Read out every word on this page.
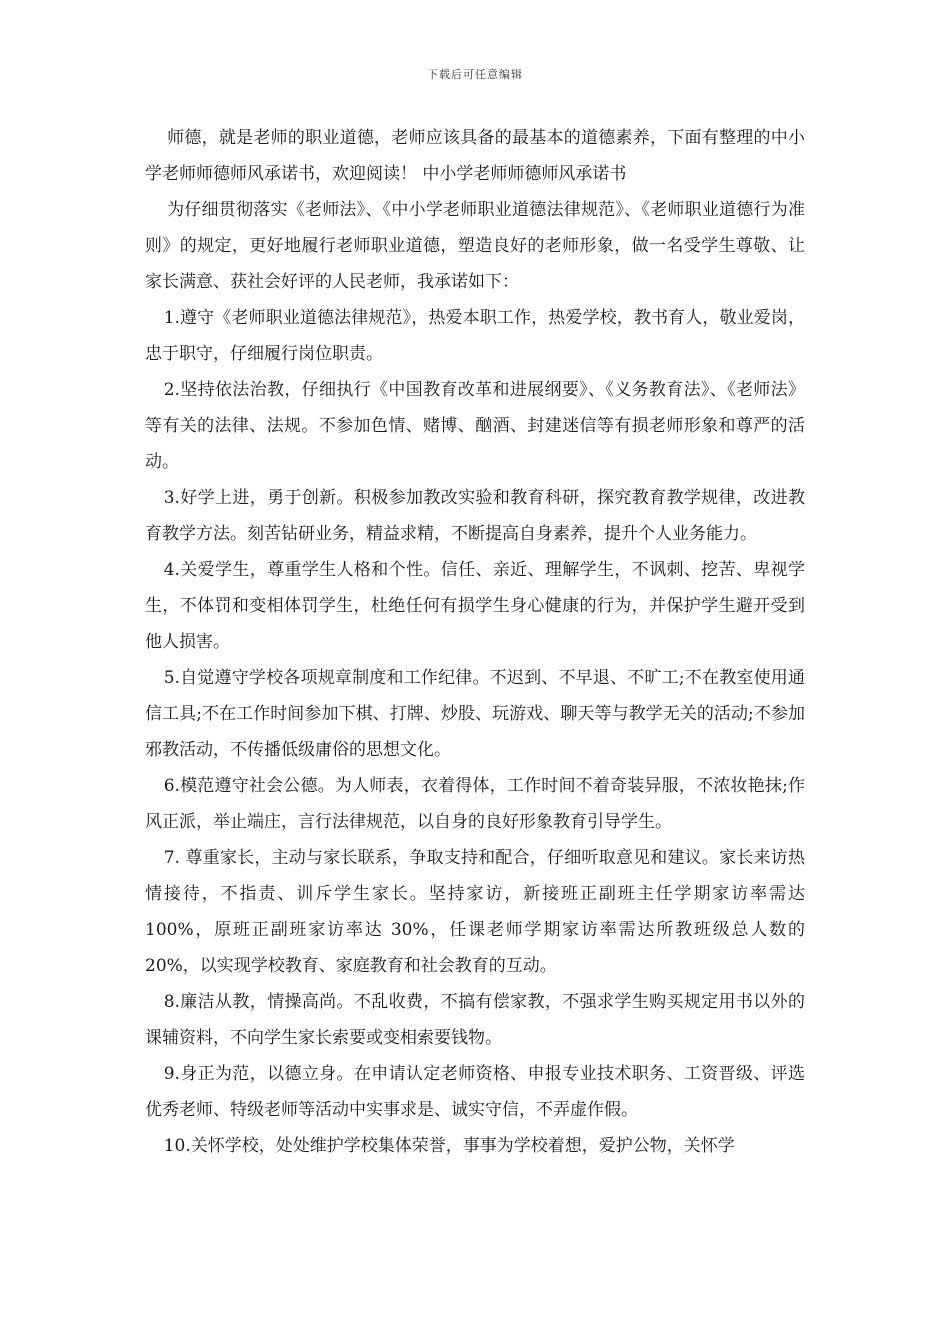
下载后可任意编辑

师德，就是老师的职业道德，老师应该具备的最基本的道德素养，下面有整理的中小学老师师德师风承诺书，欢迎阅读！ 中小学老师师德师风承诺书

为仔细贯彻落实《老师法》、《中小学老师职业道德法律规范》、《老师职业道德行为准则》的规定，更好地履行老师职业道德，塑造良好的老师形象，做一名受学生尊敬、让家长满意、获社会好评的人民老师，我承诺如下：

1.遵守《老师职业道德法律规范》，热爱本职工作，热爱学校，教书育人，敬业爱岗，忠于职守，仔细履行岗位职责。

2.坚持依法治教，仔细执行《中国教育改革和进展纲要》、《义务教育法》、《老师法》等有关的法律、法规。不参加色情、赌博、酗酒、封建迷信等有损老师形象和尊严的活动。

3.好学上进，勇于创新。积极参加教改实验和教育科研，探究教育教学规律，改进教育教学方法。刻苦钻研业务，精益求精，不断提高自身素养，提升个人业务能力。

4.关爱学生，尊重学生人格和个性。信任、亲近、理解学生，不讽刺、挖苦、卑视学生，不体罚和变相体罚学生，杜绝任何有损学生身心健康的行为，并保护学生避开受到他人损害。

5.自觉遵守学校各项规章制度和工作纪律。不迟到、不早退、不旷工;不在教室使用通信工具;不在工作时间参加下棋、打牌、炒股、玩游戏、聊天等与教学无关的活动;不参加邪教活动，不传播低级庸俗的思想文化。

6.模范遵守社会公德。为人师表，衣着得体，工作时间不着奇装异服，不浓妆艳抹;作风正派，举止端庄，言行法律规范，以自身的良好形象教育引导学生。

7. 尊重家长，主动与家长联系，争取支持和配合，仔细听取意见和建议。家长来访热情接待，不指责、训斥学生家长。坚持家访，新接班正副班主任学期家访率需达 100%，原班正副班家访率达 30%，任课老师学期家访率需达所教班级总人数的 20%，以实现学校教育、家庭教育和社会教育的互动。

8.廉洁从教，情操高尚。不乱收费，不搞有偿家教，不强求学生购买规定用书以外的课辅资料，不向学生家长索要或变相索要钱物。

9.身正为范，以德立身。在申请认定老师资格、申报专业技术职务、工资晋级、评选优秀老师、特级老师等活动中实事求是、诚实守信，不弄虚作假。

10.关怀学校，处处维护学校集体荣誉，事事为学校着想，爱护公物，关怀学
